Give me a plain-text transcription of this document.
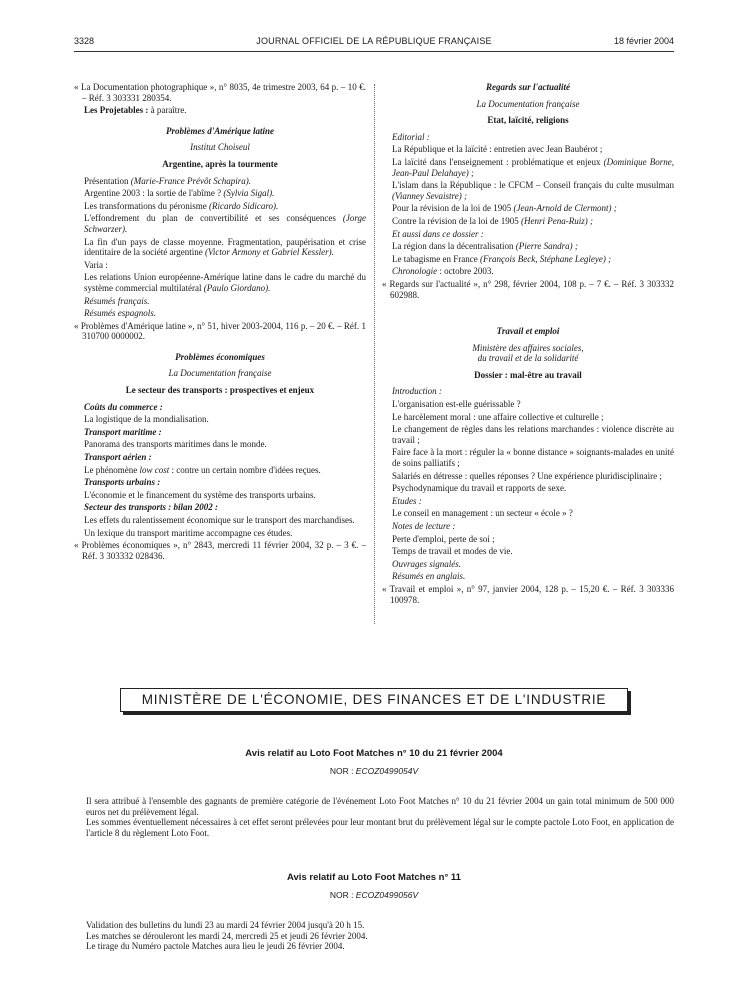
3328	JOURNAL OFFICIEL DE LA RÉPUBLIQUE FRANÇAISE	18 février 2004

« La Documentation photographique », n° 8035, 4e trimestre 2003, 64 p. – 10 €. – Réf. 3 303331 280354.

Les Projetables : à paraître.

Problèmes d'Amérique latine

Institut Choiseul

Argentine, après la tourmente

Présentation (Marie-France Prévôt Schapira).

Argentine 2003 : la sortie de l'abîme ? (Sylvia Sigal).

Les transformations du péronisme (Ricardo Sidicaro).

L'effondrement du plan de convertibilité et ses conséquences (Jorge Schwarzer).

La fin d'un pays de classe moyenne. Fragmentation, paupérisation et crise identitaire de la société argentine (Victor Armony et Gabriel Kessler).

Varia :

Les relations Union européenne-Amérique latine dans le cadre du marché du système commercial multilatéral (Paulo Giordano).

Résumés français.

Résumés espagnols.

« Problèmes d'Amérique latine », n° 51, hiver 2003-2004, 116 p. – 20 €. – Réf. 1 310700 0000002.

Problèmes économiques

La Documentation française

Le secteur des transports : prospectives et enjeux

Coûts du commerce :

La logistique de la mondialisation.

Transport maritime :

Panorama des transports maritimes dans le monde.

Transport aérien :

Le phénomène low cost : contre un certain nombre d'idées reçues.

Transports urbains :

L'économie et le financement du système des transports urbains.

Secteur des transports : bilan 2002 :

Les effets du ralentissement économique sur le transport des marchandises.

Un lexique du transport maritime accompagne ces études.

« Problèmes économiques », n° 2843, mercredi 11 février 2004, 32 p. – 3 €. – Réf. 3 303332 028436.

Regards sur l'actualité

La Documentation française

Etat, laïcité, religions

Editorial :

La République et la laïcité : entretien avec Jean Baubérot ;

La laïcité dans l'enseignement : problématique et enjeux (Dominique Borne, Jean-Paul Delahaye) ;

L'islam dans la République : le CFCM – Conseil français du culte musulman (Vianney Sevaistre) ;

Pour la révision de la loi de 1905 (Jean-Arnold de Clermont) ;

Contre la révision de la loi de 1905 (Henri Pena-Ruiz) ;

Et aussi dans ce dossier :

La région dans la décentralisation (Pierre Sandra) ;

Le tabagisme en France (François Beck, Stéphane Legleye) ;

Chronologie : octobre 2003.

« Regards sur l'actualité », n° 298, février 2004, 108 p. – 7 €. – Réf. 3 303332 602988.

Travail et emploi

Ministère des affaires sociales,

du travail et de la solidarité

Dossier : mal-être au travail

Introduction :

L'organisation est-elle guérissable ?

Le harcèlement moral : une affaire collective et culturelle ;

Le changement de règles dans les relations marchandes : violence discrète au travail ;

Faire face à la mort : réguler la « bonne distance » soignants-malades en unité de soins palliatifs ;

Salariés en détresse : quelles réponses ? Une expérience pluridisciplinaire ;

Psychodynamique du travail et rapports de sexe.

Etudes :

Le conseil en management : un secteur « école » ?

Notes de lecture :

Perte d'emploi, perte de soi ;

Temps de travail et modes de vie.

Ouvrages signalés.

Résumés en anglais.

« Travail et emploi », n° 97, janvier 2004, 128 p. – 15,20 €. – Réf. 3 303336 100978.

MINISTÈRE DE L'ÉCONOMIE, DES FINANCES ET DE L'INDUSTRIE
Avis relatif au Loto Foot Matches n° 10 du 21 février 2004
NOR : ECOZ0499054V

Il sera attribué à l'ensemble des gagnants de première catégorie de l'événement Loto Foot Matches n° 10 du 21 février 2004 un gain total minimum de 500 000 euros net du prélèvement légal.

Les sommes éventuellement nécessaires à cet effet seront prélevées pour leur montant brut du prélèvement légal sur le compte pactole Loto Foot, en application de l'article 8 du règlement Loto Foot.

Avis relatif au Loto Foot Matches n° 11
NOR : ECOZ0499056V

Validation des bulletins du lundi 23 au mardi 24 février 2004 jusqu'à 20 h 15.

Les matches se dérouleront les mardi 24, mercredi 25 et jeudi 26 février 2004.

Le tirage du Numéro pactole Matches aura lieu le jeudi 26 février 2004.
